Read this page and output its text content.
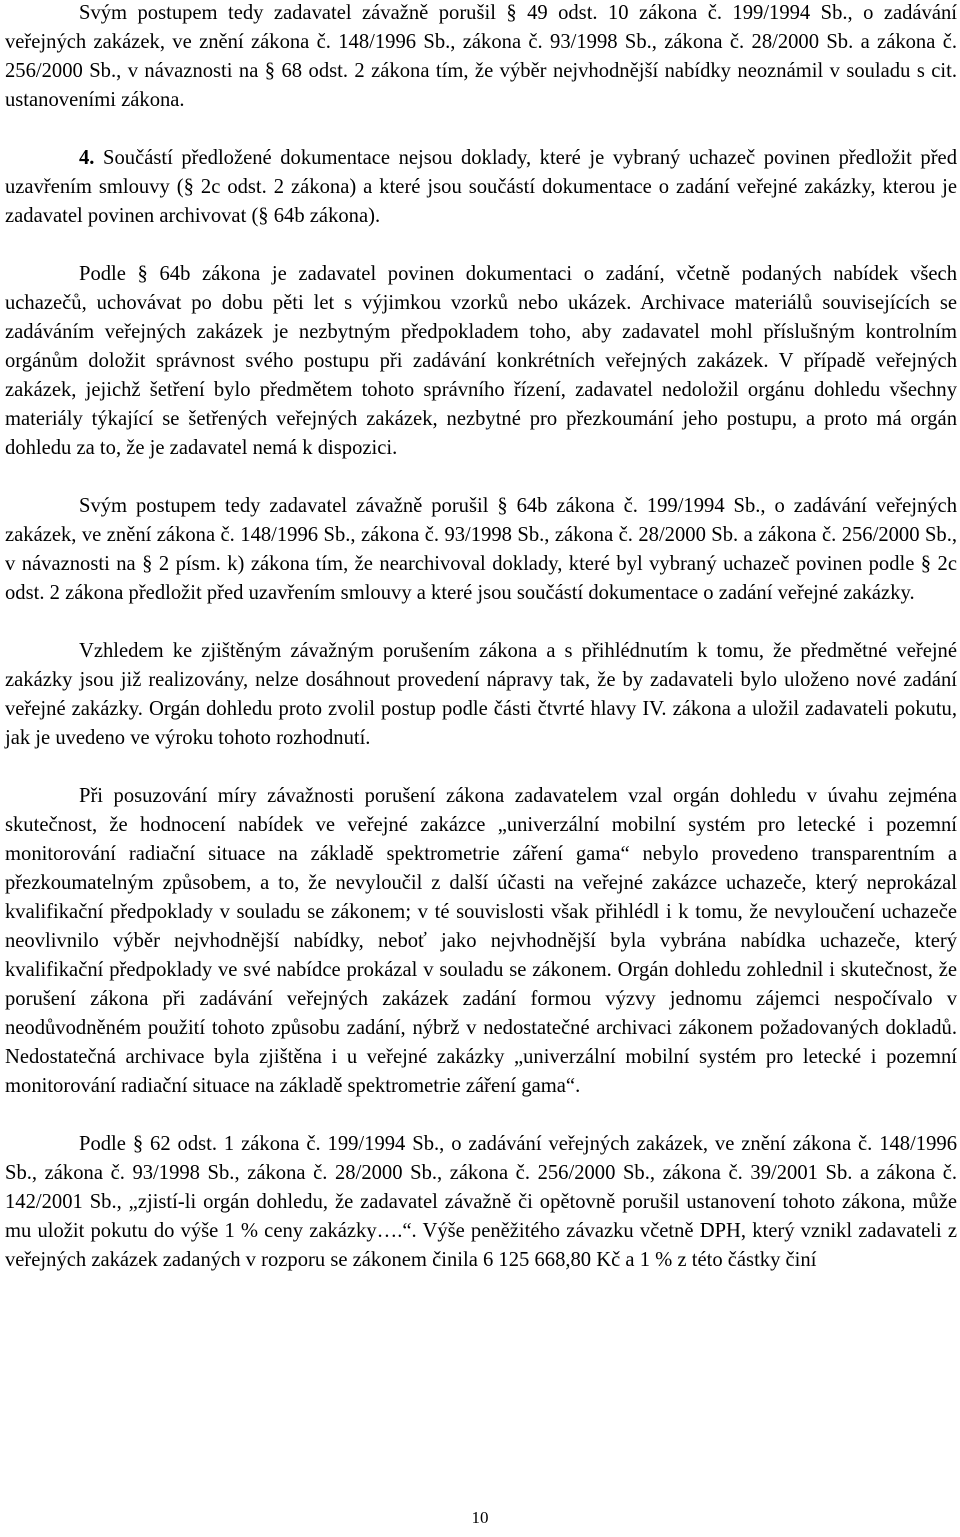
Svým postupem tedy zadavatel závažně porušil § 49 odst. 10 zákona č. 199/1994 Sb., o zadávání veřejných zakázek, ve znění zákona č. 148/1996 Sb., zákona č. 93/1998 Sb., zákona č. 28/2000 Sb. a zákona č. 256/2000 Sb., v návaznosti na § 68 odst. 2 zákona tím, že výběr nejvhodnější nabídky neoznámil v souladu s cit. ustanoveními zákona.

4. Součástí předložené dokumentace nejsou doklady, které je vybraný uchazeč povinen předložit před uzavřením smlouvy (§ 2c odst. 2 zákona) a které jsou součástí dokumentace o zadání veřejné zakázky, kterou je zadavatel povinen archivovat (§ 64b zákona).

Podle § 64b zákona je zadavatel povinen dokumentaci o zadání, včetně podaných nabídek všech uchazečů, uchovávat po dobu pěti let s výjimkou vzorků nebo ukázek. Archivace materiálů souvisejících se zadáváním veřejných zakázek je nezbytným předpokladem toho, aby zadavatel mohl příslušným kontrolním orgánům doložit správnost svého postupu při zadávání konkrétních veřejných zakázek. V případě veřejných zakázek, jejichž šetření bylo předmětem tohoto správního řízení, zadavatel nedoložil orgánu dohledu všechny materiály týkající se šetřených veřejných zakázek, nezbytné pro přezkoumání jeho postupu, a proto má orgán dohledu za to, že je zadavatel nemá k dispozici.

Svým postupem tedy zadavatel závažně porušil § 64b zákona č. 199/1994 Sb., o zadávání veřejných zakázek, ve znění zákona č. 148/1996 Sb., zákona č. 93/1998 Sb., zákona č. 28/2000 Sb. a zákona č. 256/2000 Sb., v návaznosti na § 2 písm. k) zákona tím, že nearchivoval doklady, které byl vybraný uchazeč povinen podle § 2c odst. 2 zákona předložit před uzavřením smlouvy a které jsou součástí dokumentace o zadání veřejné zakázky.

Vzhledem ke zjištěným závažným porušením zákona a s přihlédnutím k tomu, že předmětné veřejné zakázky jsou již realizovány, nelze dosáhnout provedení nápravy tak, že by zadavateli bylo uloženo nové zadání veřejné zakázky. Orgán dohledu proto zvolil postup podle části čtvrté hlavy IV. zákona a uložil zadavateli pokutu, jak je uvedeno ve výroku tohoto rozhodnutí.

Při posuzování míry závažnosti porušení zákona zadavatelem vzal orgán dohledu v úvahu zejména skutečnost, že hodnocení nabídek ve veřejné zakázce „univerzální mobilní systém pro letecké i pozemní monitorování radiační situace na základě spektrometrie záření gama“ nebylo provedeno transparentním a přezkoumatelným způsobem, a to, že nevyloučil z další účasti na veřejné zakázce uchazeče, který neprokázal kvalifikační předpoklady v souladu se zákonem; v té souvislosti však přihlédl i k tomu, že nevyloučení uchazeče neovlivnilo výběr nejvhodnější nabídky, neboť jako nejvhodnější byla vybrána nabídka uchazeče, který kvalifikační předpoklady ve své nabídce prokázal v souladu se zákonem. Orgán dohledu zohlednil i skutečnost, že porušení zákona při zadávání veřejných zakázek zadání formou výzvy jednomu zájemci nespočívalo v neodůvodněném použití tohoto způsobu zadání, nýbrž v nedostatečné archivaci zákonem požadovaných dokladů. Nedostatečná archivace byla zjištěna i u veřejné zakázky „univerzální mobilní systém pro letecké i pozemní monitorování radiační situace na základě spektrometrie záření gama“.

Podle § 62 odst. 1 zákona č. 199/1994 Sb., o zadávání veřejných zakázek, ve znění zákona č. 148/1996 Sb., zákona č. 93/1998 Sb., zákona č. 28/2000 Sb., zákona č. 256/2000 Sb., zákona č. 39/2001 Sb. a zákona č. 142/2001 Sb., „zjistí-li orgán dohledu, že zadavatel závažně či opětovně porušil ustanovení tohoto zákona, může mu uložit pokutu do výše 1 % ceny zakázky….“. Výše peněžitého závazku včetně DPH, který vznikl zadavateli z veřejných zakázek zadaných v rozporu se zákonem činila 6 125 668,80 Kč a 1 % z této částky činí

10
